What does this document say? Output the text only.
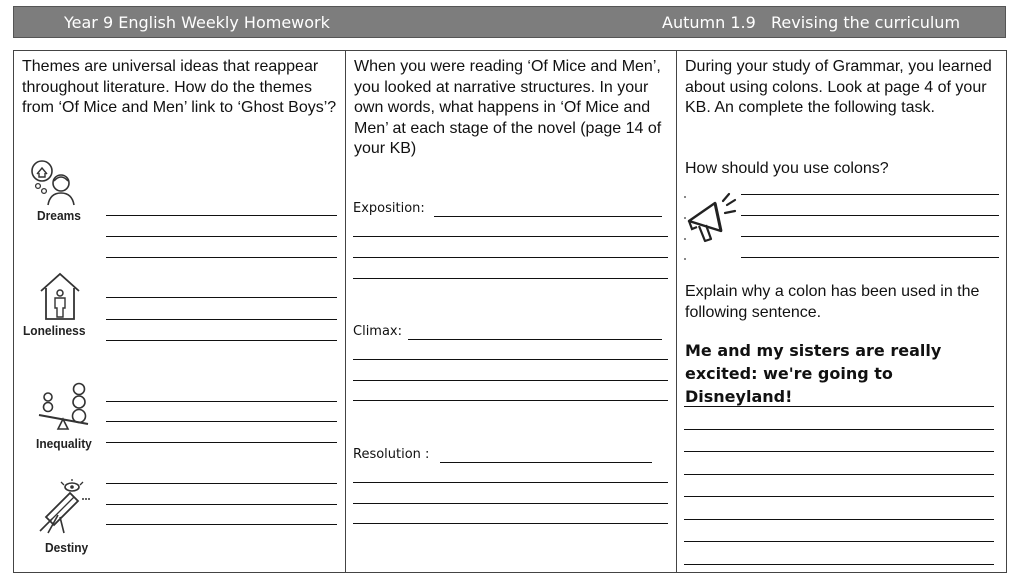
Year 9 English Weekly Homework	Autumn 1.9 Revising the curriculum
Themes are universal ideas that reappear throughout literature. How do the themes from ‘Of Mice and Men’ link to ‘Ghost Boys’?
Dreams
Loneliness
Inequality
Destiny
When you were reading ‘Of Mice and Men’, you looked at narrative structures. In your own words, what happens in ‘Of Mice and Men’ at each stage of the novel (page 14 of your KB)
Exposition:
Climax:
Resolution :
During your study of Grammar, you learned about using colons. Look at page 4 of your KB. An complete the following task.
How should you use colons?
Explain why a colon has been used in the following sentence.
Me and my sisters are really excited: we're going to Disneyland!
